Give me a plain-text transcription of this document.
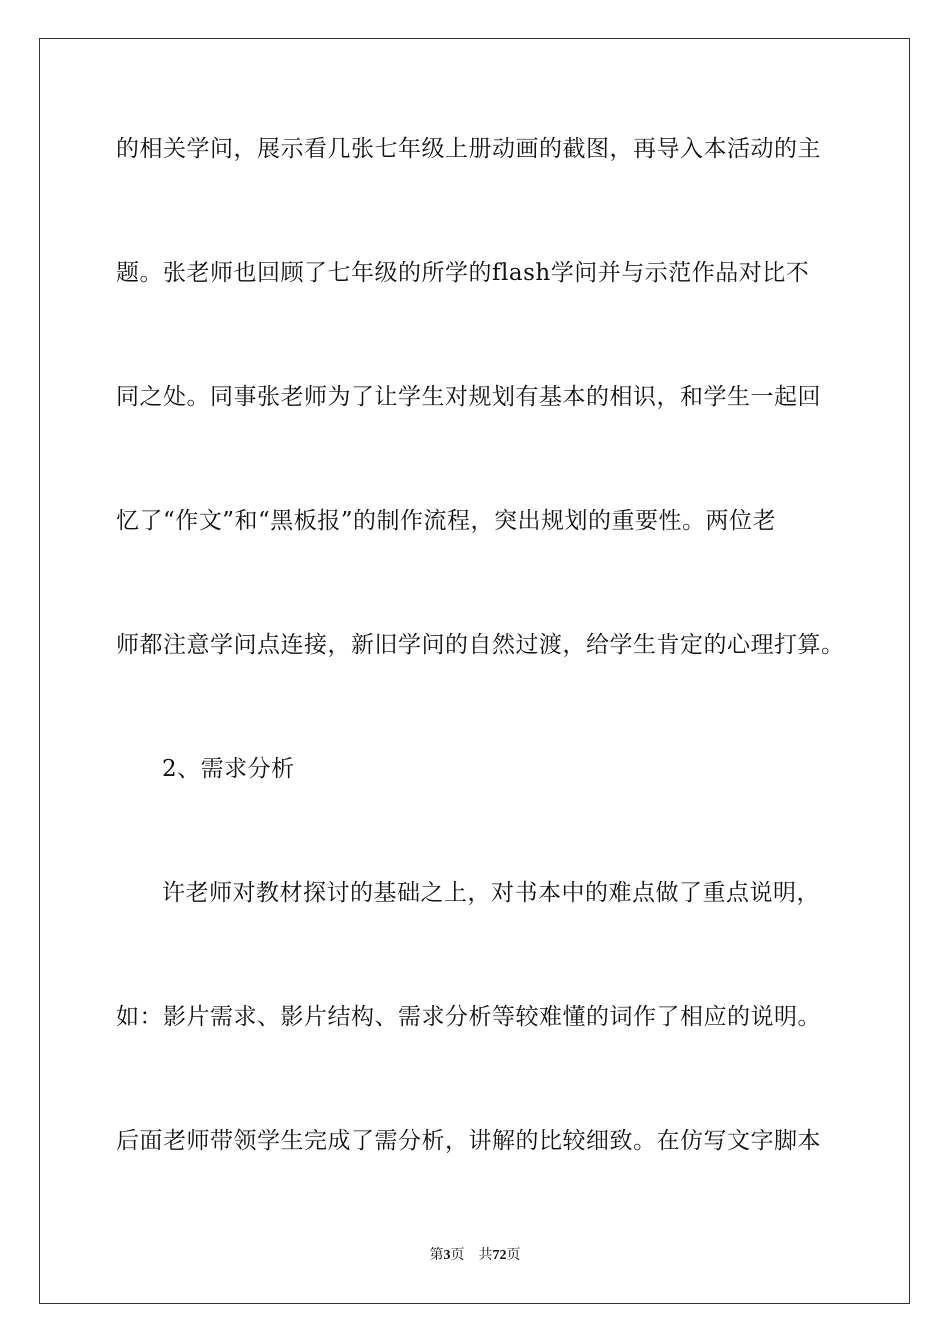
的相关学问，展示看几张七年级上册动画的截图，再导入本活动的主
题。张老师也回顾了七年级的所学的flash学问并与示范作品对比不
同之处。同事张老师为了让学生对规划有基本的相识，和学生一起回
忆了“作文”和“黑板报”的制作流程，突出规划的重要性。两位老
师都注意学问点连接，新旧学问的自然过渡，给学生肯定的心理打算。
2、需求分析
许老师对教材探讨的基础之上，对书本中的难点做了重点说明，
如：影片需求、影片结构、需求分析等较难懂的词作了相应的说明。
后面老师带领学生完成了需分析，讲解的比较细致。在仿写文字脚本
第3页 共72页
